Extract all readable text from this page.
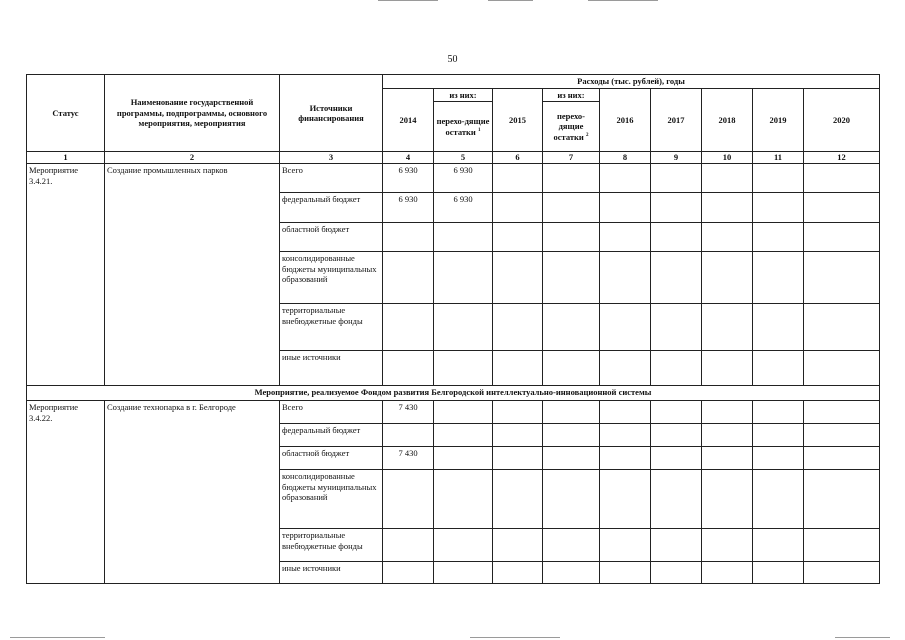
50
Статус	Наименование государственной программы, подпрограммы, основного мероприятия, мероприятия	Источники финансирования	Расходы (тыс. рублей), годы								
			2014	из них:	2015	из них:	2016	2017	2018	2019	2020
				перехо-дящие остатки $^1$		перехо-дящие остатки $^2$
1	2	3	4	5	6	7	8	9	10	11	12
Мероприятие 3.4.21.	Создание промышленных парков	Всего	6 930	6 930							
		федеральный бюджет	6 930	6 930							
		областной бюджет									
		консолидированные бюджеты муниципальных образований									
		территориальные внебюджетные фонды									
		иные источники									
Мероприятие, реализуемое Фондом развития Белгородской интеллектуально-инновационной системы											
Мероприятие 3.4.22.	Создание технопарка в г. Белгороде	Всего	7 430								
		федеральный бюджет									
		областной бюджет	7 430								
		консолидированные бюджеты муниципальных образований									
		территориальные внебюджетные фонды									
		иные источники									
